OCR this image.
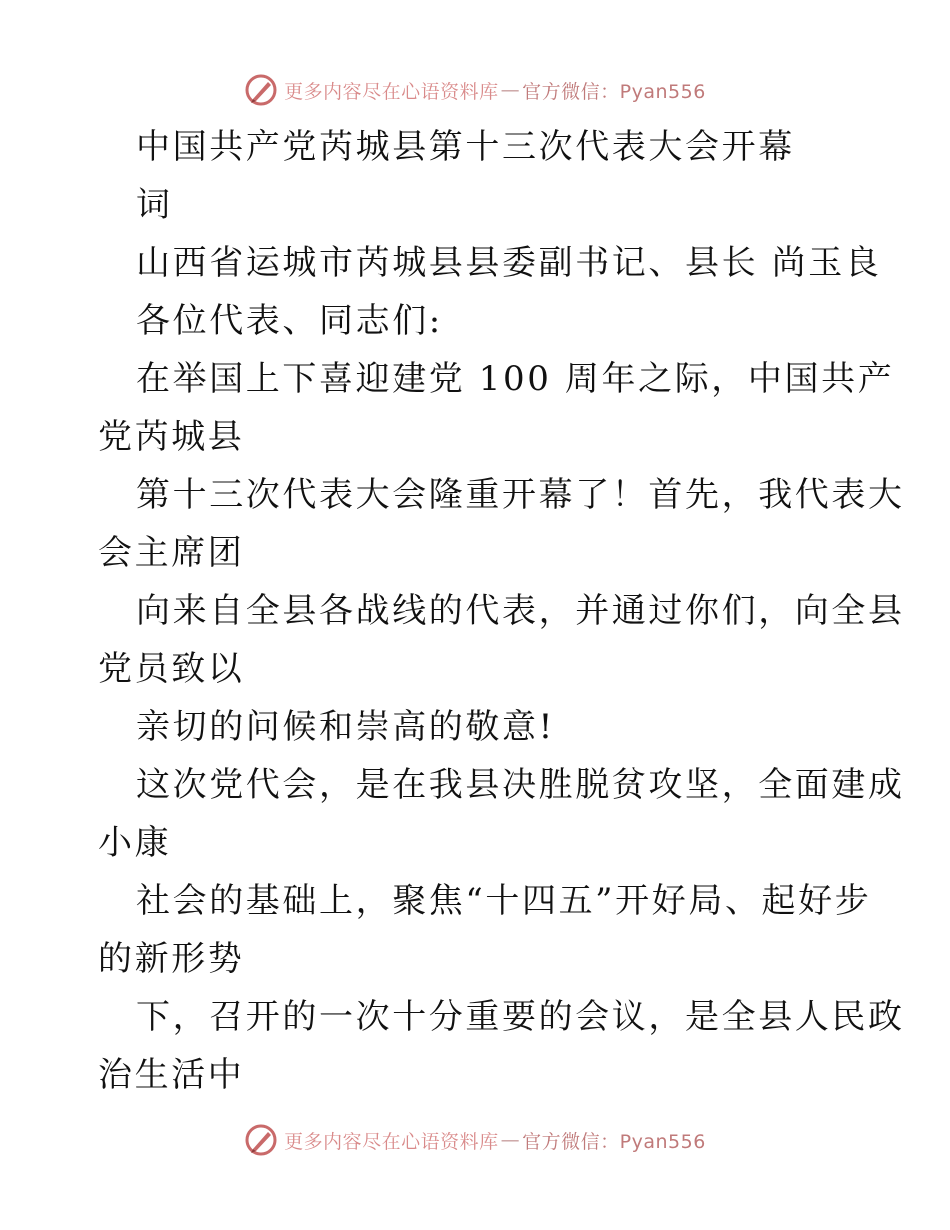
更多内容尽在心语资料库 — 官方微信：Pyan556
中国共产党芮城县第十三次代表大会开幕
词
山西省运城市芮城县县委副书记、县长 尚玉良
各位代表、同志们:
在举国上下喜迎建党 100 周年之际，中国共产
党芮城县
第十三次代表大会隆重开幕了！首先，我代表大
会主席团
向来自全县各战线的代表，并通过你们，向全县
党员致以
亲切的问候和崇高的敬意!
这次党代会，是在我县决胜脱贫攻坚，全面建成
小康
社会的基础上，聚焦“十四五”开好局、起好步
的新形势
下，召开的一次十分重要的会议，是全县人民政
治生活中
更多内容尽在心语资料库 — 官方微信：Pyan556
